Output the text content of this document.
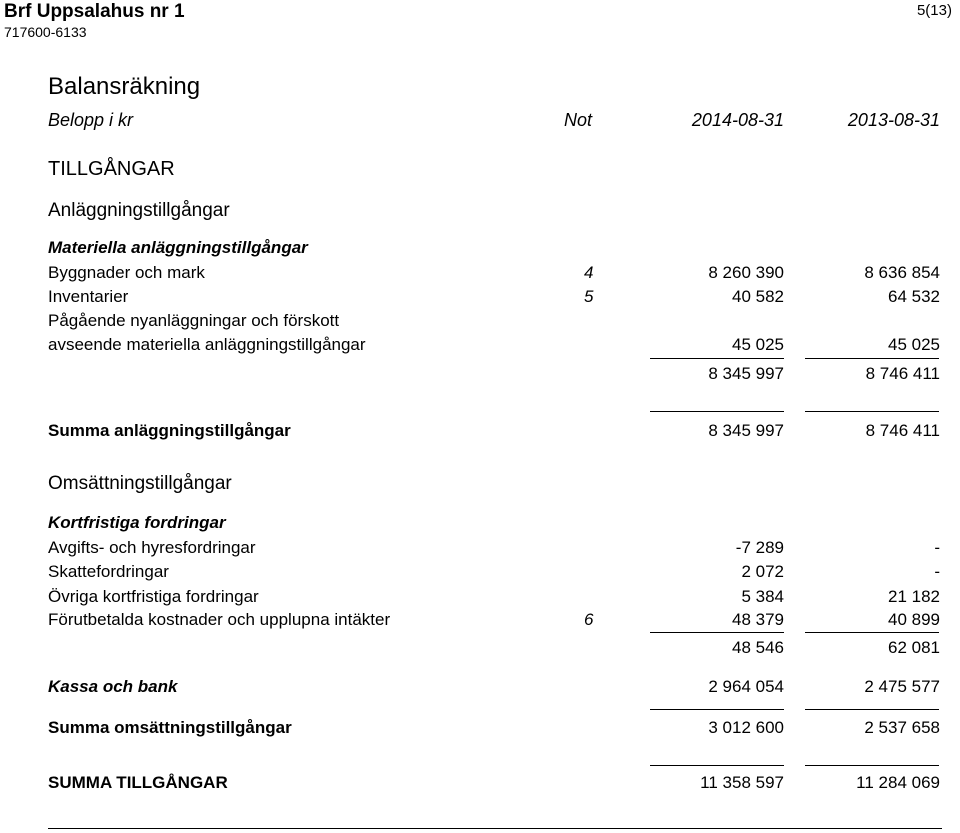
Brf Uppsalahus nr 1
717600-6133
5(13)
Balansräkning
Belopp i kr	Not	2014-08-31	2013-08-31
TILLGÅNGAR
Anläggningstillgångar
Materiella anläggningstillgångar
Byggnader och mark	4	8 260 390	8 636 854
Inventarier	5	40 582	64 532
Pågående nyanläggningar och förskott
avseende materiella anläggningstillgångar	45 025	45 025
8 345 997	8 746 411
Summa anläggningstillgångar	8 345 997	8 746 411
Omsättningstillgångar
Kortfristiga fordringar
Avgifts- och hyresfordringar	-7 289	-
Skattefordringar	2 072	-
Övriga kortfristiga fordringar	5 384	21 182
Förutbetalda kostnader och upplupna intäkter	6	48 379	40 899
48 546	62 081
Kassa och bank	2 964 054	2 475 577
Summa omsättningstillgångar	3 012 600	2 537 658
SUMMA TILLGÅNGAR	11 358 597	11 284 069
